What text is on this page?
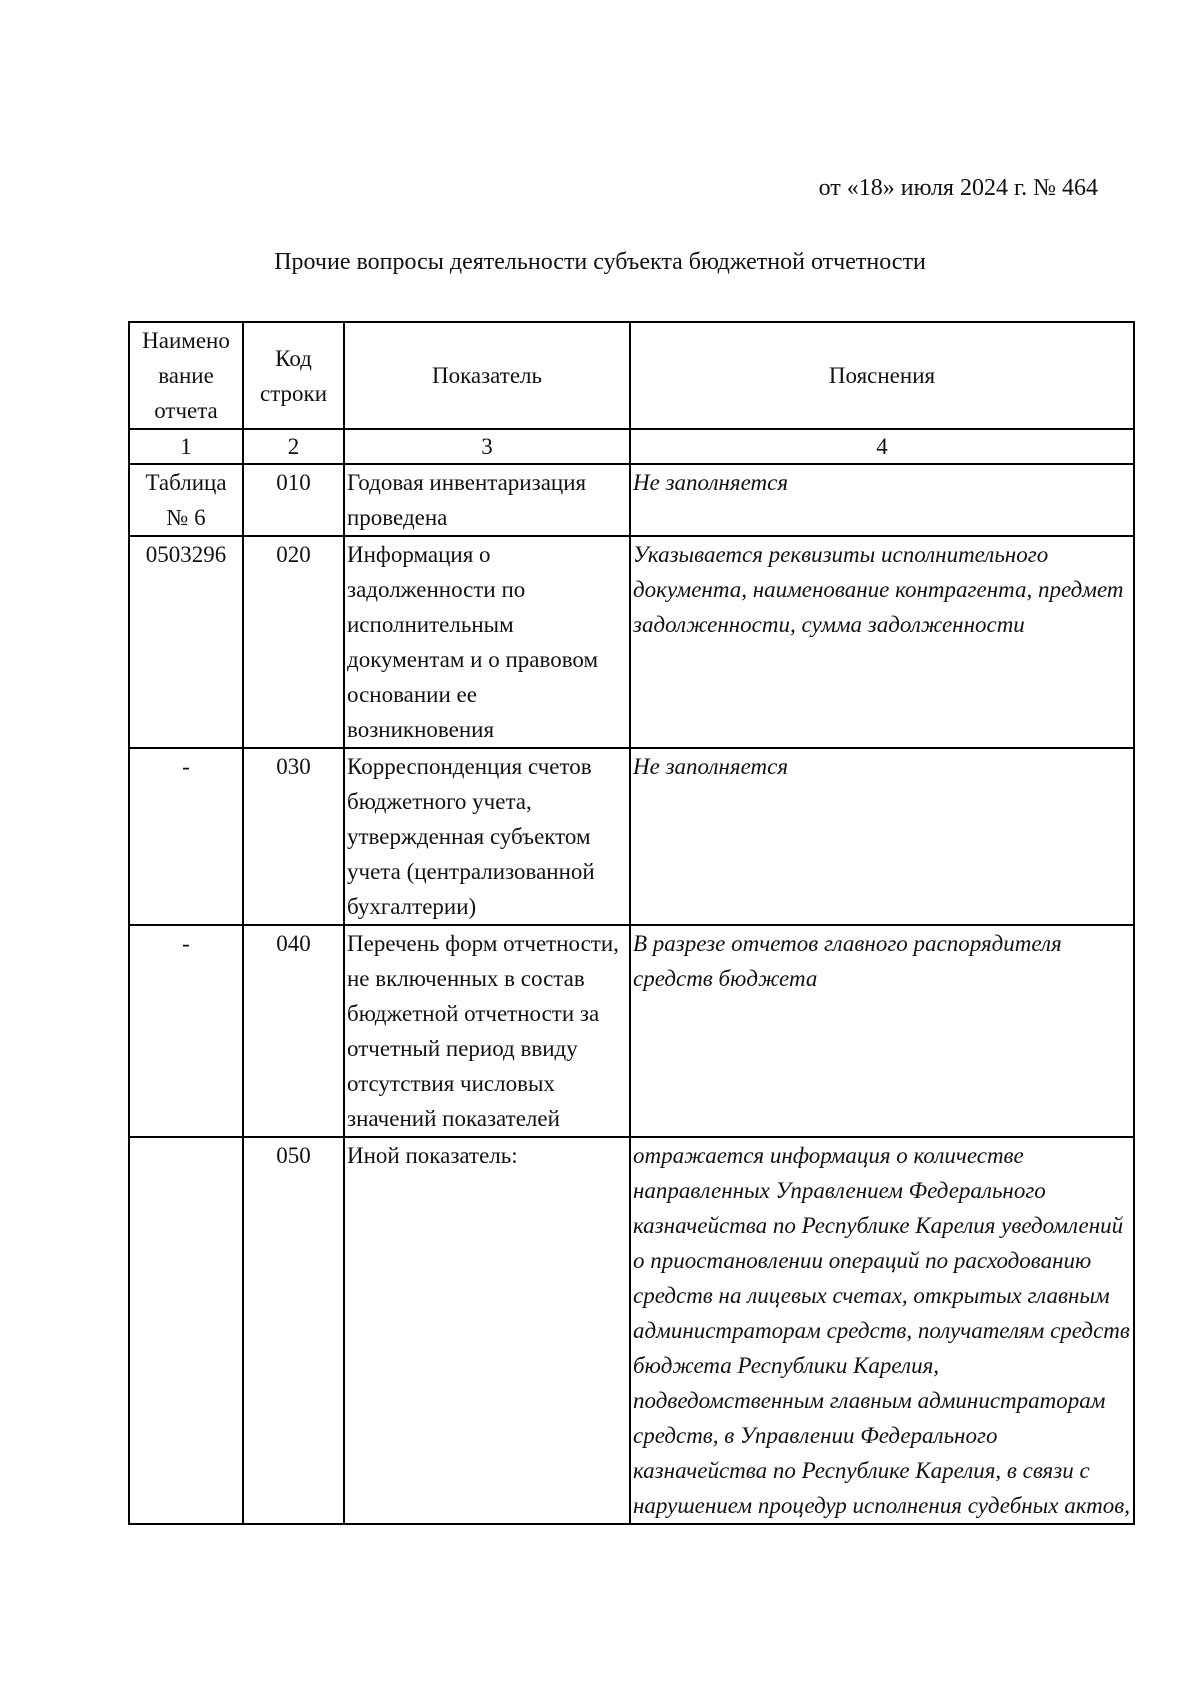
от «18» июля 2024 г. № 464
Прочие вопросы деятельности субъекта бюджетной отчетности
Наимено вание отчета	Код строки	Показатель	Пояснения
1	2	3	4
Таблица № 6	010	Годовая инвентаризация проведена	Не заполняется
0503296	020	Информация о задолженности по исполнительным документам и о правовом основании ее возникновения	Указывается реквизиты исполнительного документа, наименование контрагента, предмет задолженности, сумма задолженности
-	030	Корреспонденция счетов бюджетного учета, утвержденная субъектом учета (централизованной бухгалтерии)	Не заполняется
-	040	Перечень форм отчетности, не включенных в состав бюджетной отчетности за отчетный период ввиду отсутствия числовых значений показателей	В разрезе отчетов главного распорядителя средств бюджета
	050	Иной показатель:	отражается информация о количестве направленных Управлением Федерального казначейства по Республике Карелия уведомлений о приостановлении операций по расходованию средств на лицевых счетах, открытых главным администраторам средств, получателям средств бюджета Республики Карелия, подведомственным главным администраторам средств, в Управлении Федерального казначейства по Республике Карелия, в связи с нарушением процедур исполнения судебных актов,
